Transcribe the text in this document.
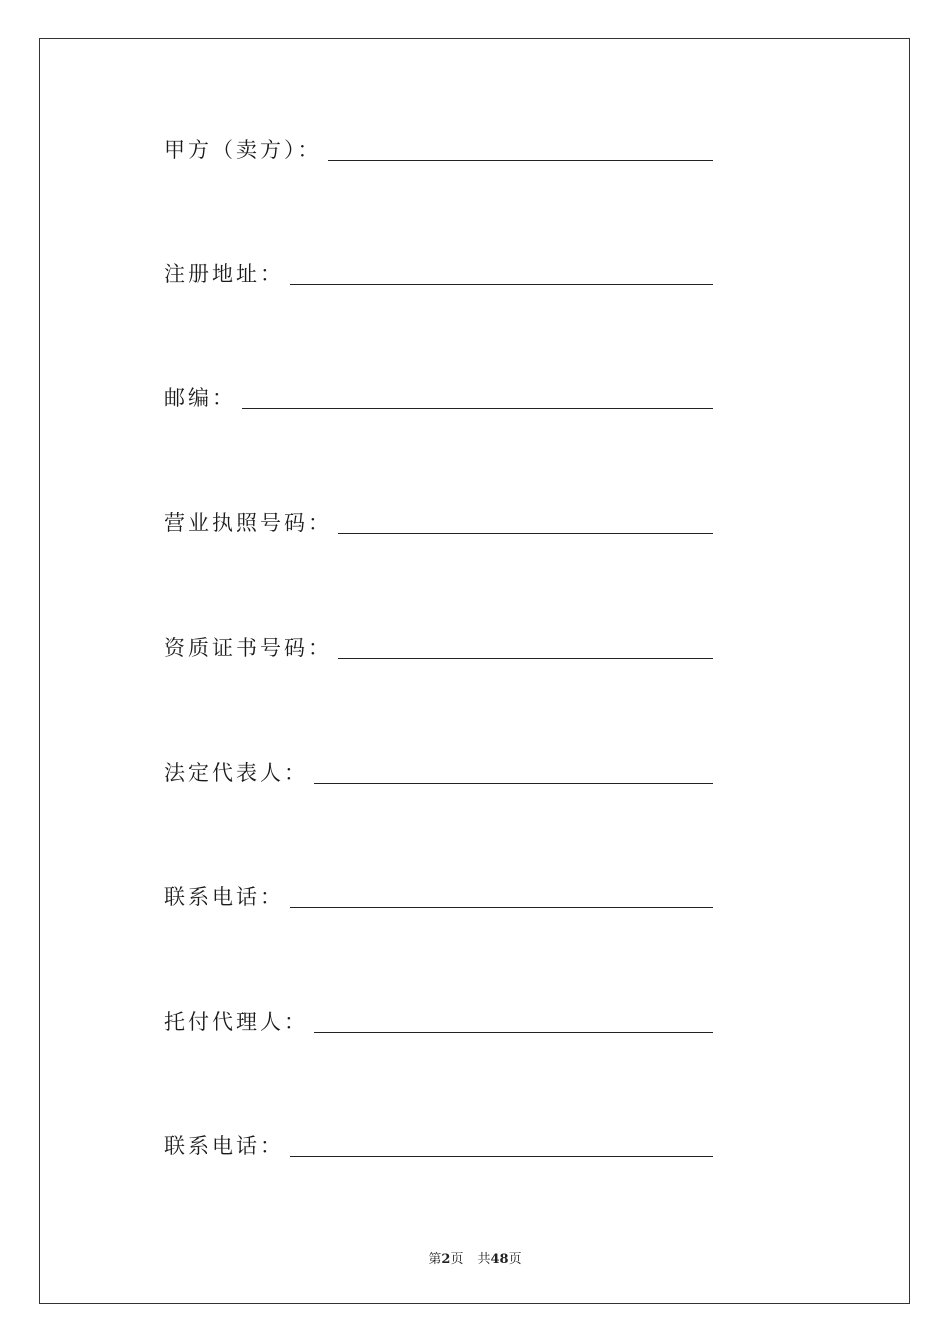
甲方（卖方）：
注册地址：
邮编：
营业执照号码：
资质证书号码：
法定代表人：
联系电话：
托付代理人：
联系电话：
第2页 共48页
